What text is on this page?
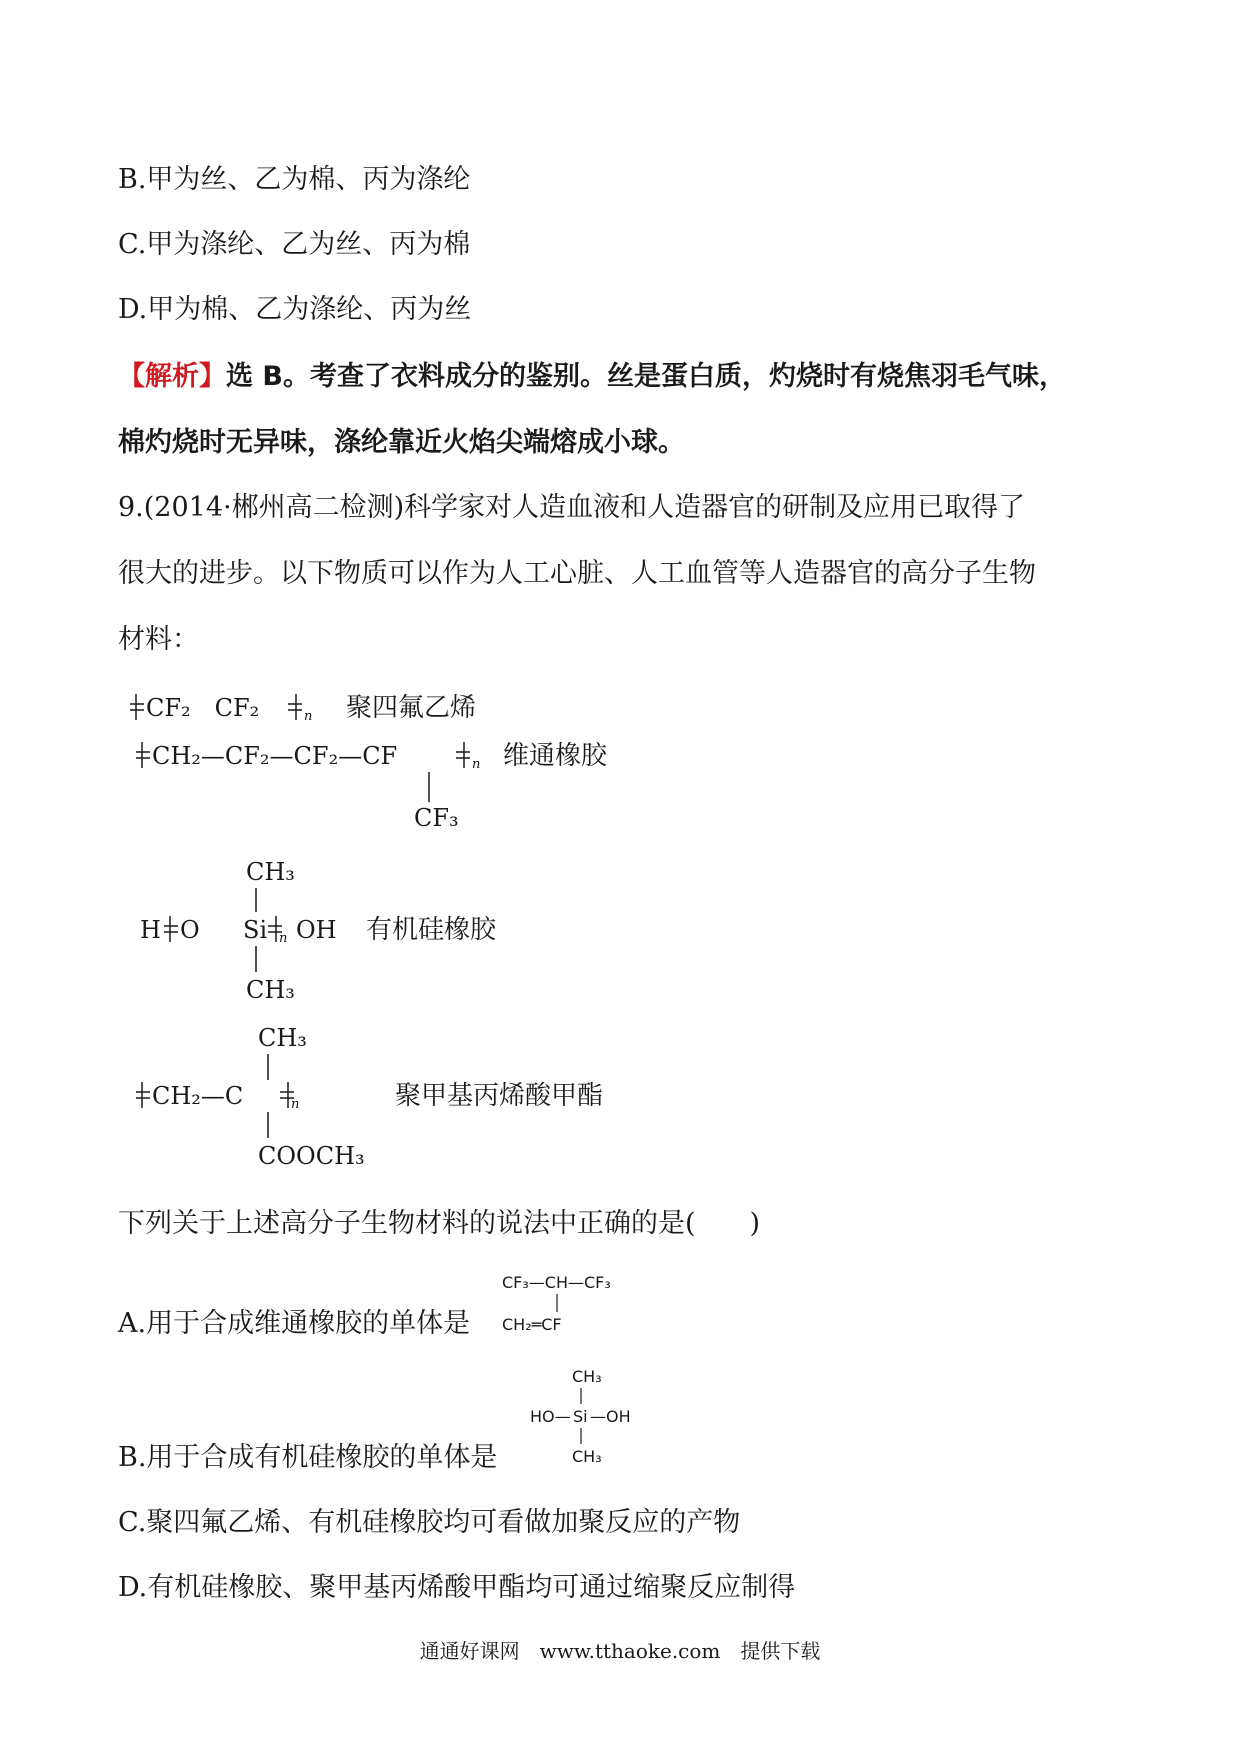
B.甲为丝、乙为棉、丙为涤纶
C.甲为涤纶、乙为丝、丙为棉
D.甲为棉、乙为涤纶、丙为丝
【解析】选 B。考查了衣料成分的鉴别。丝是蛋白质，灼烧时有烧焦羽毛气味，
棉灼烧时无异味，涤纶靠近火焰尖端熔成小球。
9.(2014·郴州高二检测)科学家对人造血液和人造器官的研制及应用已取得了
很大的进步。以下物质可以作为人工心脏、人工血管等人造器官的高分子生物
材料：
CF₂　CF₂	n 聚四氟乙烯
CH₂—CF₂—CF₂—CF	n
CF₃
维通橡胶
CH₃
H O Si n OH 有机硅橡胶
CH₃
CH₃
CH₂—C	n	聚甲基丙烯酸甲酯
COOCH₃
下列关于上述高分子生物材料的说法中正确的是(　　)
A.用于合成维通橡胶的单体是
CF₃—CH—CF₃
CH₂═CF
B.用于合成有机硅橡胶的单体是
CH₃
HO— Si —OH
CH₃
C.聚四氟乙烯、有机硅橡胶均可看做加聚反应的产物
D.有机硅橡胶、聚甲基丙烯酸甲酯均可通过缩聚反应制得
通通好课网　www.tthaoke.com　提供下载
